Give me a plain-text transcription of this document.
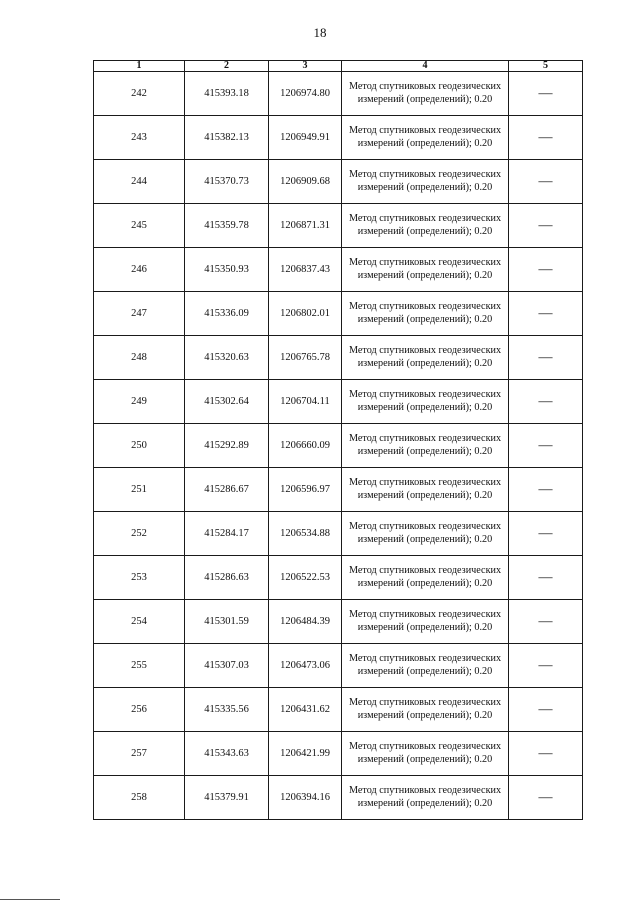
18
1	2	3	4	5
242	415393.18	1206974.80	Метод спутниковых геодезических измерений (определений); 0.20	—
243	415382.13	1206949.91	Метод спутниковых геодезических измерений (определений); 0.20	—
244	415370.73	1206909.68	Метод спутниковых геодезических измерений (определений); 0.20	—
245	415359.78	1206871.31	Метод спутниковых геодезических измерений (определений); 0.20	—
246	415350.93	1206837.43	Метод спутниковых геодезических измерений (определений); 0.20	—
247	415336.09	1206802.01	Метод спутниковых геодезических измерений (определений); 0.20	—
248	415320.63	1206765.78	Метод спутниковых геодезических измерений (определений); 0.20	—
249	415302.64	1206704.11	Метод спутниковых геодезических измерений (определений); 0.20	—
250	415292.89	1206660.09	Метод спутниковых геодезических измерений (определений); 0.20	—
251	415286.67	1206596.97	Метод спутниковых геодезических измерений (определений); 0.20	—
252	415284.17	1206534.88	Метод спутниковых геодезических измерений (определений); 0.20	—
253	415286.63	1206522.53	Метод спутниковых геодезических измерений (определений); 0.20	—
254	415301.59	1206484.39	Метод спутниковых геодезических измерений (определений); 0.20	—
255	415307.03	1206473.06	Метод спутниковых геодезических измерений (определений); 0.20	—
256	415335.56	1206431.62	Метод спутниковых геодезических измерений (определений); 0.20	—
257	415343.63	1206421.99	Метод спутниковых геодезических измерений (определений); 0.20	—
258	415379.91	1206394.16	Метод спутниковых геодезических измерений (определений); 0.20	—
